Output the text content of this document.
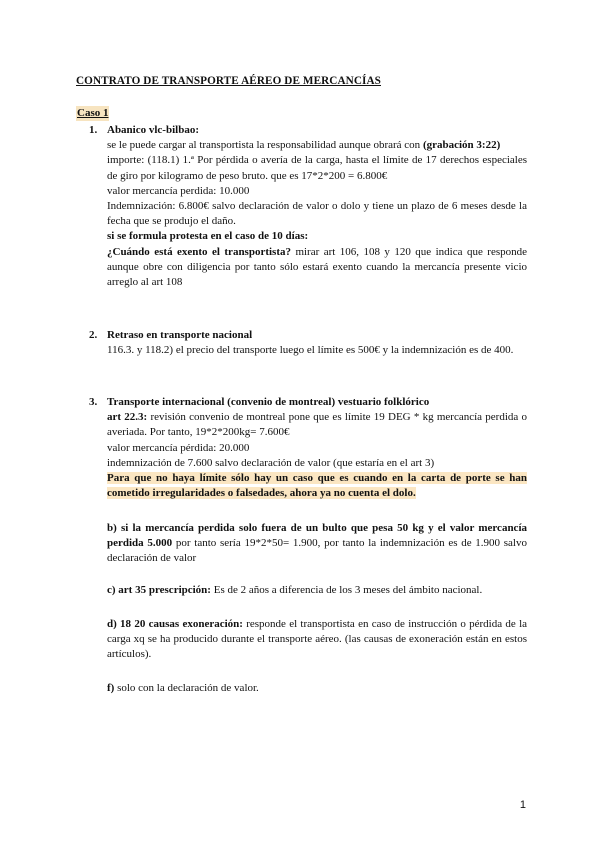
CONTRATO DE TRANSPORTE AÉREO DE MERCANCÍAS
Caso 1
1. Abanico vlc-bilbao:
se le puede cargar al transportista la responsabilidad aunque obrará con (grabación 3:22)
importe: (118.1) 1.ª Por pérdida o avería de la carga, hasta el límite de 17 derechos especiales de giro por kilogramo de peso bruto. que es 17*2*200 = 6.800€
valor mercancía perdida: 10.000
Indemnización: 6.800€ salvo declaración de valor o dolo y tiene un plazo de 6 meses desde la fecha que se produjo el daño.
si se formula protesta en el caso de 10 días:
¿Cuándo está exento el transportista? mirar art 106, 108 y 120 que indica que responde aunque obre con diligencia por tanto sólo estará exento cuando la mercancía presente vicio arreglo al art 108
2. Retraso en transporte nacional
116.3. y 118.2) el precio del transporte luego el límite es 500€ y la indemnización es de 400.
3. Transporte internacional (convenio de montreal) vestuario folklórico
art 22.3: revisión convenio de montreal pone que es límite 19 DEG * kg mercancía perdida o averiada. Por tanto, 19*2*200kg= 7.600€
valor mercancía pérdida: 20.000
indemnización de 7.600 salvo declaración de valor (que estaría en el art 3)
Para que no haya límite sólo hay un caso que es cuando en la carta de porte se han cometido irregularidades o falsedades, ahora ya no cuenta el dolo.
b) si la mercancía perdida solo fuera de un bulto que pesa 50 kg y el valor mercancía perdida 5.000 por tanto sería 19*2*50= 1.900, por tanto la indemnización es de 1.900 salvo declaración de valor
c) art 35 prescripción: Es de 2 años a diferencia de los 3 meses del ámbito nacional.
d) 18 20 causas exoneración: responde el transportista en caso de instrucción o pérdida de la carga xq se ha producido durante el transporte aéreo. (las causas de exoneración están en estos artículos).
f) solo con la declaración de valor.
1
